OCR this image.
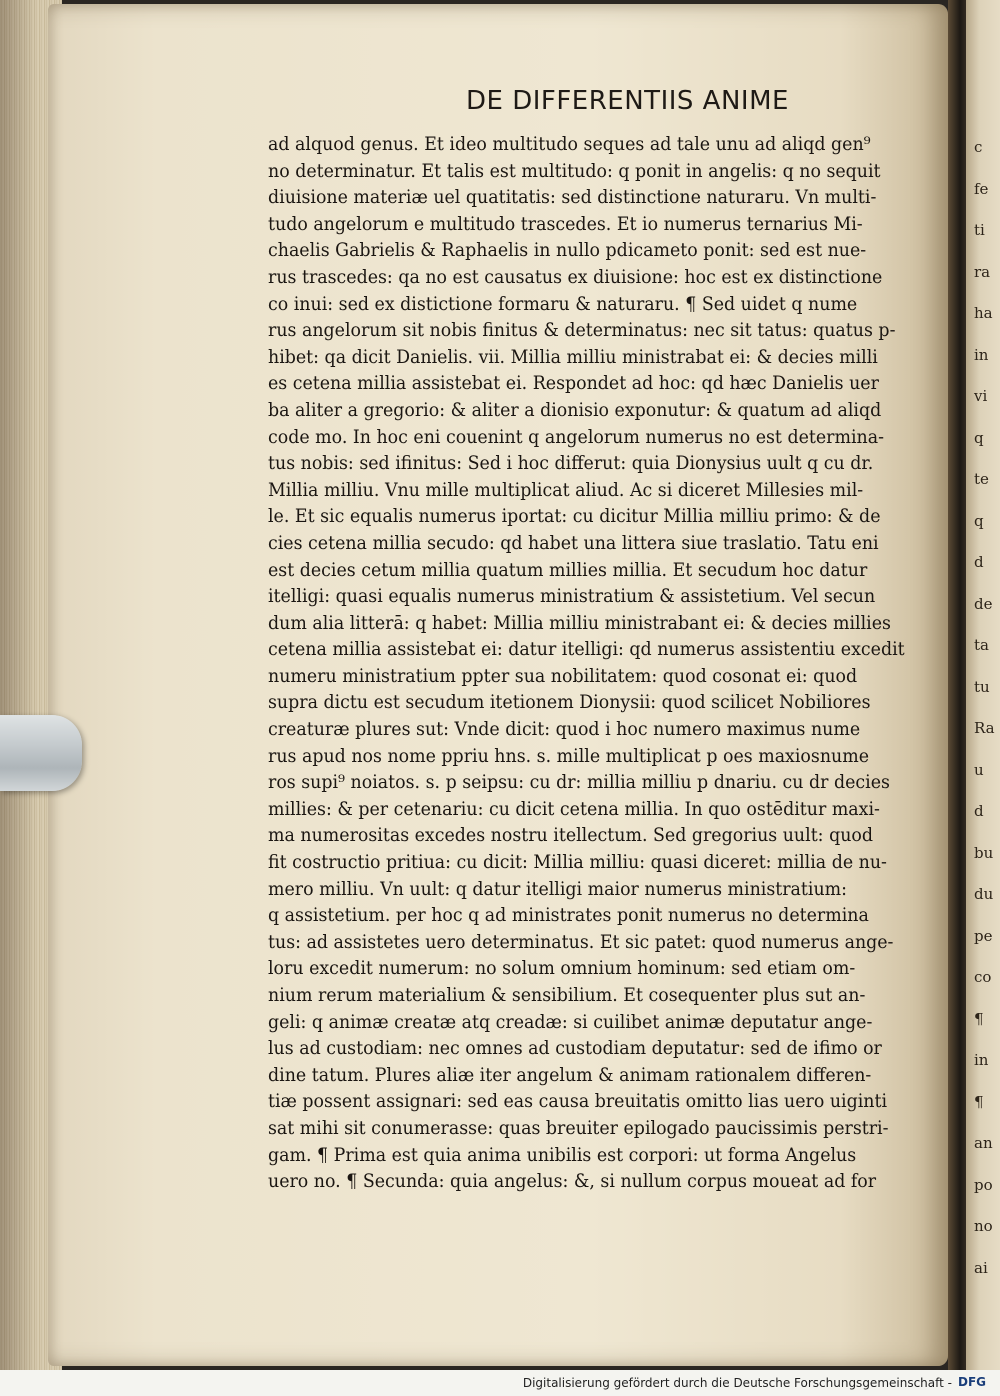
c
fe
ti
ra
ha
in
vi
q
te
q
d
de
ta
tu
Ra
u
d
bu
du
pe
co
¶
in
¶
an
po
no
ai
DE DIFFERENTIIS ANIME
ad alquod genus. Et ideo multitudo seques ad tale unu ad aliqd gen⁹
no determinatur. Et talis est multitudo: q ponit in angelis: q no sequit
diuisione materiæ uel quatitatis: sed distinctione naturaru. Vn multi-
tudo angelorum e multitudo trascedes. Et io numerus ternarius Mi-
chaelis Gabrielis & Raphaelis in nullo pdicameto ponit: sed est nue-
rus trascedes: qa no est causatus ex diuisione: hoc est ex distinctione
co inui: sed ex distictione formaru & naturaru. ¶ Sed uidet q nume
rus angelorum sit nobis finitus & determinatus: nec sit tatus: quatus p-
hibet: qa dicit Danielis. vii. Millia milliu ministrabat ei: & decies milli
es cetena millia assistebat ei. Respondet ad hoc: qd hæc Danielis uer
ba aliter a gregorio: & aliter a dionisio exponutur: & quatum ad aliqd
code mo. In hoc eni couenint q angelorum numerus no est determina-
tus nobis: sed ifinitus: Sed i hoc differut: quia Dionysius uult q cu dr.
Millia milliu. Vnu mille multiplicat aliud. Ac si diceret Millesies mil-
le. Et sic equalis numerus iportat: cu dicitur Millia milliu primo: & de
cies cetena millia secudo: qd habet una littera siue traslatio. Tatu eni
est decies cetum millia quatum millies millia. Et secudum hoc datur
itelligi: quasi equalis numerus ministratium & assistetium. Vel secun
dum alia litterā: q habet: Millia milliu ministrabant ei: & decies millies
cetena millia assistebat ei: datur itelligi: qd numerus assistentiu excedit
numeru ministratium ppter sua nobilitatem: quod cosonat ei: quod
supra dictu est secudum itetionem Dionysii: quod scilicet Nobiliores
creaturæ plures sut: Vnde dicit: quod i hoc numero maximus nume
rus apud nos nome ppriu hns. s. mille multiplicat p oes maxiosnume
ros supi⁹ noiatos. s. p seipsu: cu dr: millia milliu p dnariu. cu dr decies
millies: & per cetenariu: cu dicit cetena millia. In quo ostēditur maxi-
ma numerositas excedes nostru itellectum. Sed gregorius uult: quod
fit costructio pritiua: cu dicit: Millia milliu: quasi diceret: millia de nu-
mero milliu. Vn uult: q datur itelligi maior numerus ministratium:
q assistetium. per hoc q ad ministrates ponit numerus no determina
tus: ad assistetes uero determinatus. Et sic patet: quod numerus ange-
loru excedit numerum: no solum omnium hominum: sed etiam om-
nium rerum materialium & sensibilium. Et cosequenter plus sut an-
geli: q animæ creatæ atq creadæ: si cuilibet animæ deputatur ange-
lus ad custodiam: nec omnes ad custodiam deputatur: sed de ifimo or
dine tatum. Plures aliæ iter angelum & animam rationalem differen-
tiæ possent assignari: sed eas causa breuitatis omitto lias uero uiginti
sat mihi sit conumerasse: quas breuiter epilogado paucissimis perstri-
gam. ¶ Prima est quia anima unibilis est corpori: ut forma Angelus
uero no. ¶ Secunda: quia angelus: &, si nullum corpus moueat ad for
Digitalisierung gefördert durch die Deutsche Forschungsgemeinschaft - DFG
